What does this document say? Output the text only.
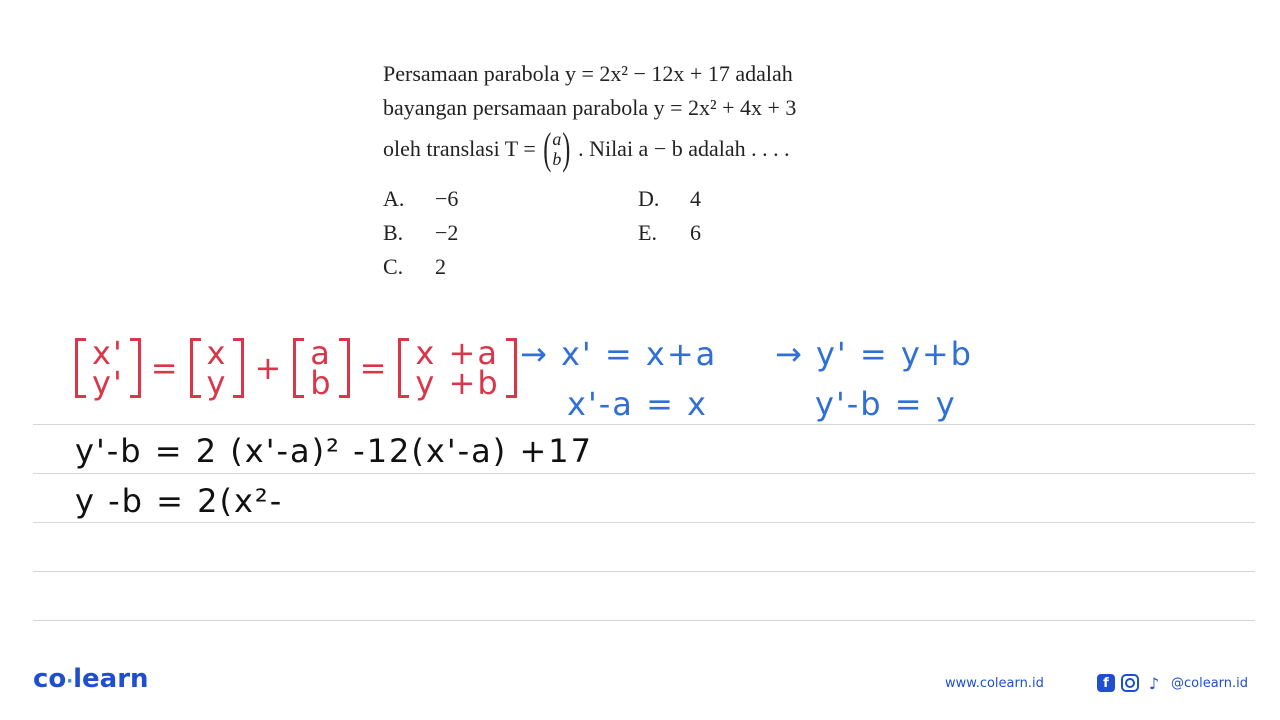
Persamaan parabola y = 2x² − 12x + 17 adalah
bayangan persamaan parabola y = 2x² + 4x + 3
oleh translasi T = ( a
b ) . Nilai a − b adalah . . . .
A. −6
B. −2
C. 2
D. 4
E. 6
x'
y' = x
y + a
b = x +a
y +b
→ x' = x+a
x'-a = x
→ y' = y+b
y'-b = y
y'-b = 2 (x'-a)² -12(x'-a) +17
y -b = 2(x²-
co·learn	www.colearn.id	f	♪ @colearn.id
